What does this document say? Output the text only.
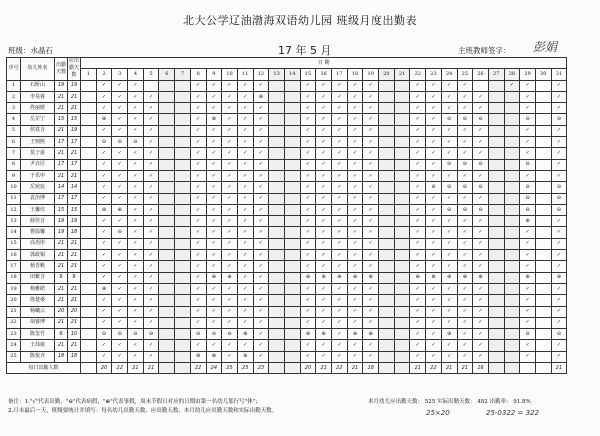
北大公学辽油渤海双语幼儿园 班级月度出勤表
17 年 5 月
班级：水晶石	主班教师签字： 彭娟
序号	幼儿姓名	出勤天数	应出勤天数	日 期																														
				1	2	3	4	5	6	7	8	9	10	11	12	13	14	15	16	17	18	19	20	21	22	23	24	25	26	27	28	29	30	31
1	石昕山	19	19		✓	✓	✓				✓	✓	✓	✓	✓			✓	✓	✓	✓	✓			✓	✓	✓	✓			✓	✓		✓
2	李昊睿	21	21		✓	✓	✓	✓			✓	✓	✓	✓	⊕			✓	✓	✓	✓	✓			✓	✓	✓	✓	✓			✓		✓
3	佟丽媛	21	21		✓	✓	✓	✓			✓	✓	✓	✓	✓			✓	✓	✓	✓	✓			✓	✓	✓	✓	✓			✓		✓
4	岳芷宁	15	15		⊕	✓	✓	✓			✓	⊕	✓	✓	✓			✓	✓	✓	✓	✓			✓	✓	⊖	⊖	⊖			⊖		⊖
5	侯铁含	21	19		✓	✓	✓	✓			✓	✓	✓	✓	✓			✓	✓	✓	✓	✓			✓	✓	✓	✓	✓			✓		✓
6	王则熙	17	17		⊖	⊖	⊖	✓			✓	✓	✓	✓	✓			✓	✓	✓	✓	✓			✓	✓	✓	✓	✓			✓		✓
7	莫子晏	21	21		✓	✓	✓	✓			✓	✓	✓	✓	✓			✓	✓	✓	✓	✓			✓	✓	✓	✓	✓			✓		✓
8	尹垚臣	17	17		✓	✓	✓	✓			✓	✓	✓	✓	✓			✓	✓	✓	✓	✓			✓	✓	⊖	⊖	⊖			⊖		✓
9	于乐申	21	21		✓	✓	✓	✓			✓	✓	✓	✓	✓			✓	✓	✓	✓	✓			✓	✓	✓	✓	✓			✓		✓
10	岳宛宸	14	14		✓	✓	✓	✓			✓	✓	✓	✓	✓			✓	✓	✓	✓	✓			✓	⊖	⊖	⊖	⊖			⊖		⊖
11	袁治博	17	17		✓	✓	✓	✓			✓	✓	✓	✓	✓			✓	✓	✓	✓	✓			✓	✓	✓	✓	✓			⊖		⊖
12	王馨仪	15	15		⊕	⊕	✓	✓			✓	✓	✓	✓	✓			✓	✓	✓	✓	✓			✓	✓	⊖	⊖	⊖			⊖		⊖
13	薛佳音	19	19		✓	✓	✓	✓			✓	✓	✓	✓	✓			✓	✓	✓	✓	✓			✓	✓	✓	✓	✓			⊕		✓
14	曹温馨	19	18		✓	⊖	✓	✓			✓	✓	✓	✓	✓			✓	✓	✓	✓	✓			✓	✓	✓	✓	✓			✓		✓
15	高语彤	21	21		✓	✓	✓	✓			✓	✓	✓	✓	✓			✓	✓	✓	✓	✓			✓	✓	✓	✓	✓			✓		✓
16	郭政锡	21	21		✓	✓	✓	✓			✓	✓	✓	✓	✓			✓	✓	✓	✓	✓			✓	✓	✓	✓	✓			✓		✓
17	杨晋帆	21	21		✓	✓	✓	✓			✓	✓	✓	✓	✓			✓	✓	✓	✓	✓			✓	✓	✓	✓	✓			✓		✓
18	田紫含	9	9		✓	✓	✓	✓			✓	⊕	⊕	✓	✓			⊕	⊕	⊕	⊕	⊕			⊕	⊕	⊕	⊕	⊕			⊕		⊕
19	杨雅皓	21	21		⊕	✓	✓	✓			✓	✓	✓	✓	✓			✓	✓	✓	✓	✓			✓	✓	✓	✓	✓			✓		✓
20	徐楚桑	21	21		✓	✓	✓	✓			✓	✓	✓	✓	✓			✓	✓	✓	✓	✓			✓	✓	✓	✓	✓			✓		✓
21	杨曦云	20	20		✓	✓	✓	✓			✓	✓	✓	✓	✓			✓	✓	✓	✓	✓			✓	✓	✓	✓	✓			✓		✓
22	胡睿博	21	21		✓	✓	✓	✓			✓	✓	✓	✓	✓			✓	✓	✓	✓	✓			✓	✓	✓	✓	✓			✓		✓
23	陈玺竹	6	10		⊖	⊖	⊖	⊖			⊖	⊖	⊖	⊕	✓			⊕	⊕	✓	⊕	⊕			✓	✓	⊕	✓	✓			⊖		⊖
24	王玮康	21	21		✓	✓	✓	✓			✓	✓	✓	✓	✓			✓	✓	✓	✓	✓			✓	✓	✓	✓	✓			✓		✓
25	陈悦齐	18	18		✓	✓	✓	✓			⊕	⊕	✓	⊕	✓			✓	✓	✓	✓	✓			✓	✓	✓	✓	✓			✓		✓
每日出勤人数					20	22	21	21			22	24	25	25	23			20	21	22	21	18			21	22	21	21	16					21
备注：1."√"代表出勤，"⊖"代表病假，"⊕"代表事假，周末节假日对应的日期由第一名幼儿那行写"休"；
2.月末最后一天，班级要统计并填写：每名幼儿出勤天数、应出勤天数、本月幼儿应出勤天数和实际出勤天数。
本月幼儿应出勤天数： 525 实际出勤天数： 482 出勤率： 91.8%
25×20	25-0322 = 322
